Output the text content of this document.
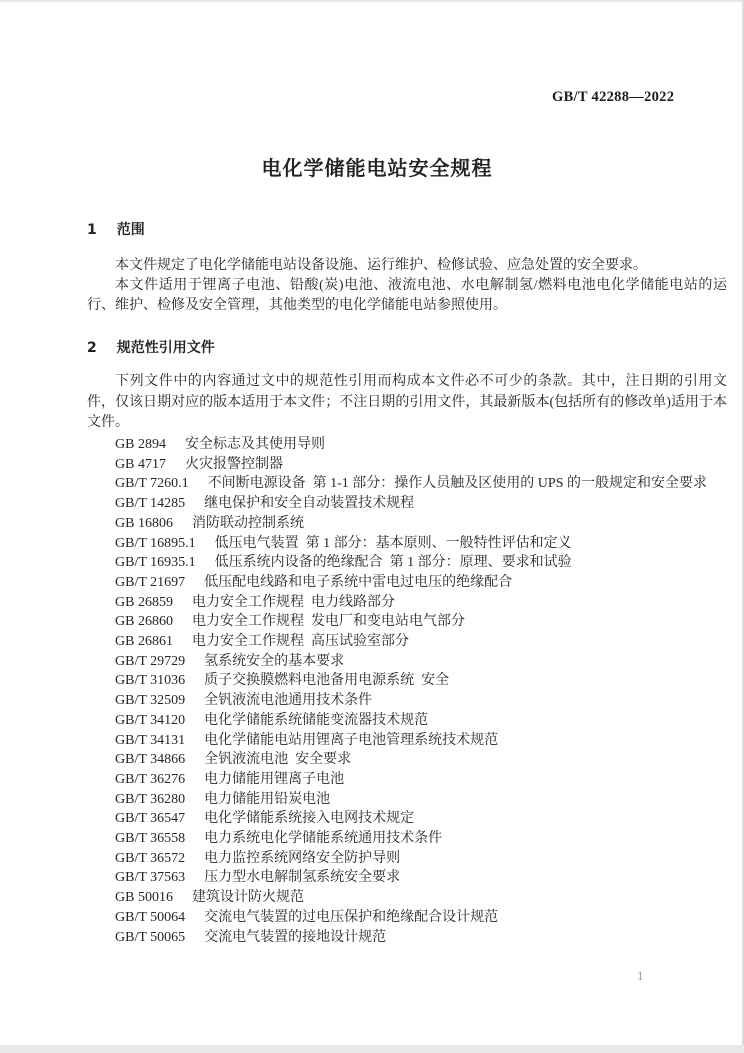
GB/T 42288—2022
电化学储能电站安全规程
1 范围

本文件规定了电化学储能电站设备设施、运行维护、检修试验、应急处置的安全要求。

本文件适用于锂离子电池、铅酸(炭)电池、液流电池、水电解制氢/燃料电池电化学储能电站的运行、维护、检修及安全管理，其他类型的电化学储能电站参照使用。

2 规范性引用文件

下列文件中的内容通过文中的规范性引用而构成本文件必不可少的条款。其中，注日期的引用文件，仅该日期对应的版本适用于本文件；不注日期的引用文件，其最新版本(包括所有的修改单)适用于本文件。

GB 2894 安全标志及其使用导则

GB 4717 火灾报警控制器

GB/T 7260.1 不间断电源设备  第 1-1 部分：操作人员触及区使用的 UPS 的一般规定和安全要求

GB/T 14285 继电保护和安全自动装置技术规程

GB 16806 消防联动控制系统

GB/T 16895.1 低压电气装置  第 1 部分：基本原则、一般特性评估和定义

GB/T 16935.1 低压系统内设备的绝缘配合  第 1 部分：原理、要求和试验

GB/T 21697 低压配电线路和电子系统中雷电过电压的绝缘配合

GB 26859 电力安全工作规程  电力线路部分

GB 26860 电力安全工作规程  发电厂和变电站电气部分

GB 26861 电力安全工作规程  高压试验室部分

GB/T 29729 氢系统安全的基本要求

GB/T 31036 质子交换膜燃料电池备用电源系统  安全

GB/T 32509 全钒液流电池通用技术条件

GB/T 34120 电化学储能系统储能变流器技术规范

GB/T 34131 电化学储能电站用锂离子电池管理系统技术规范

GB/T 34866 全钒液流电池  安全要求

GB/T 36276 电力储能用锂离子电池

GB/T 36280 电力储能用铅炭电池

GB/T 36547 电化学储能系统接入电网技术规定

GB/T 36558 电力系统电化学储能系统通用技术条件

GB/T 36572 电力监控系统网络安全防护导则

GB/T 37563 压力型水电解制氢系统安全要求

GB 50016 建筑设计防火规范

GB/T 50064 交流电气装置的过电压保护和绝缘配合设计规范

GB/T 50065 交流电气装置的接地设计规范

1
